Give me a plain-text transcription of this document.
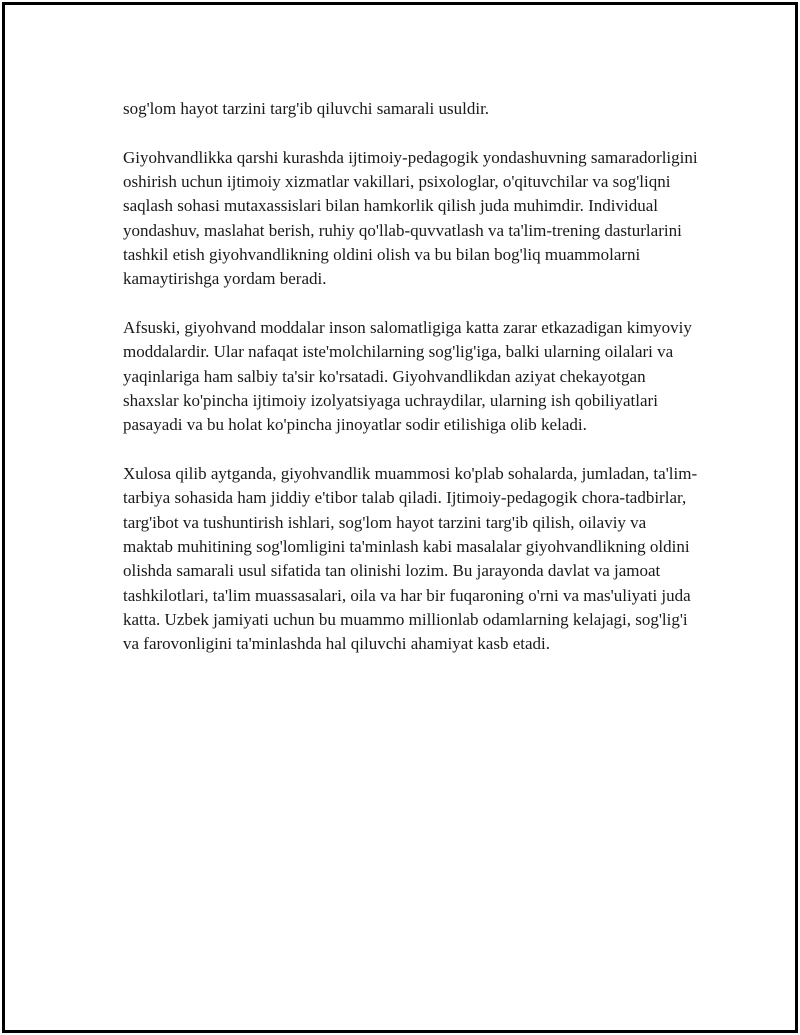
sog'lom hayot tarzini targ'ib qiluvchi samarali usuldir.

Giyohvandlikka qarshi kurashda ijtimoiy-pedagogik yondashuvning samaradorligini oshirish uchun ijtimoiy xizmatlar vakillari, psixologlar, o'qituvchilar va sog'liqni saqlash sohasi mutaxassislari bilan hamkorlik qilish juda muhimdir. Individual yondashuv, maslahat berish, ruhiy qo'llab-quvvatlash va ta'lim-trening dasturlarini tashkil etish giyohvandlikning oldini olish va bu bilan bog'liq muammolarni kamaytirishga yordam beradi.

Afsuski, giyohvand moddalar inson salomatligiga katta zarar etkazadigan kimyoviy moddalardir. Ular nafaqat iste'molchilarning sog'lig'iga, balki ularning oilalari va yaqinlariga ham salbiy ta'sir ko'rsatadi. Giyohvandlikdan aziyat chekayotgan shaxslar ko'pincha ijtimoiy izolyatsiyaga uchraydilar, ularning ish qobiliyatlari pasayadi va bu holat ko'pincha jinoyatlar sodir etilishiga olib keladi.

Xulosa qilib aytganda, giyohvandlik muammosi ko'plab sohalarda, jumladan, ta'lim-tarbiya sohasida ham jiddiy e'tibor talab qiladi. Ijtimoiy-pedagogik chora-tadbirlar, targ'ibot va tushuntirish ishlari, sog'lom hayot tarzini targ'ib qilish, oilaviy va maktab muhitining sog'lomligini ta'minlash kabi masalalar giyohvandlikning oldini olishda samarali usul sifatida tan olinishi lozim. Bu jarayonda davlat va jamoat tashkilotlari, ta'lim muassasalari, oila va har bir fuqaroning o'rni va mas'uliyati juda katta. Uzbek jamiyati uchun bu muammo millionlab odamlarning kelajagi, sog'lig'i va farovonligini ta'minlashda hal qiluvchi ahamiyat kasb etadi.
